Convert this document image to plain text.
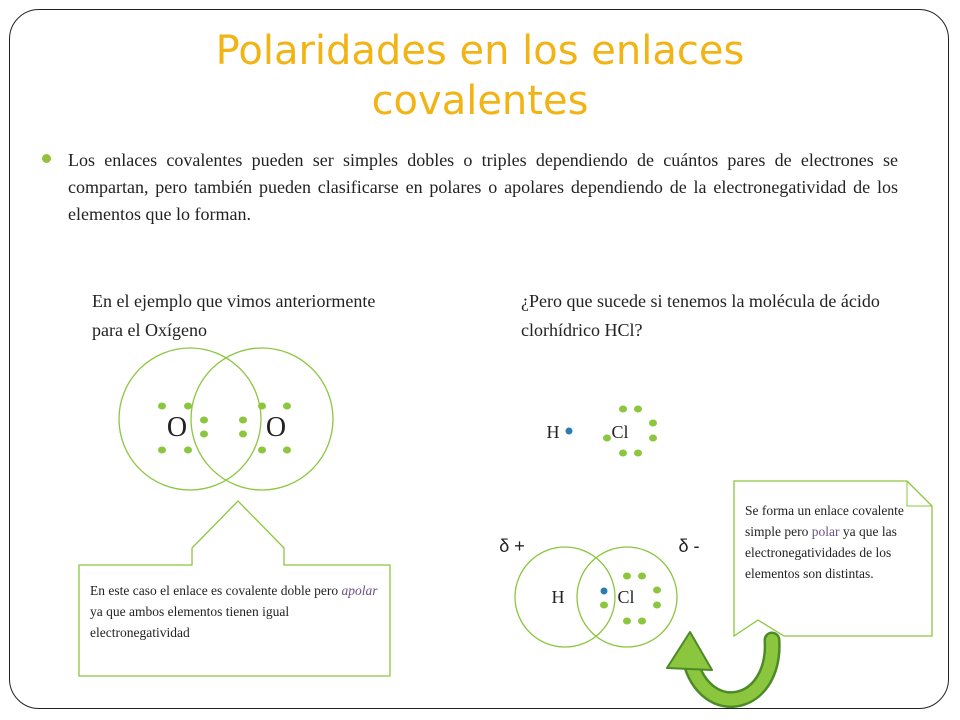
Polaridades en los enlaces covalentes
Los enlaces covalentes pueden ser simples dobles o triples dependiendo de cuántos pares de electrones se compartan, pero también pueden clasificarse en polares o apolares dependiendo de la electronegatividad de los elementos que lo forman.
En el ejemplo que vimos anteriormente para el Oxígeno
¿Pero que sucede si tenemos la molécula de ácido clorhídrico HCl?
O	O	H	Cl
δ +	δ -
H	Cl
En este caso el enlace es covalente doble pero apolar ya que ambos elementos tienen igual electronegatividad
Se forma un enlace covalente simple pero polar ya que las electronegatividades de los elementos son distintas.
